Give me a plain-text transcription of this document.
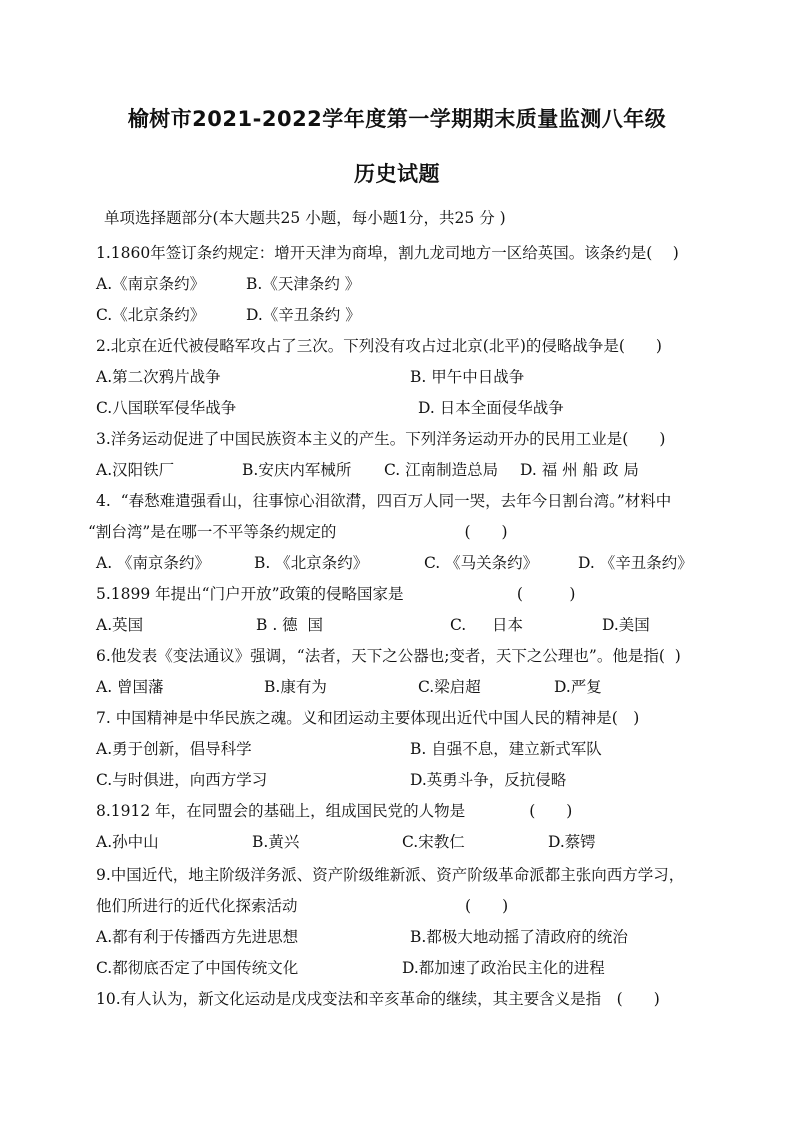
榆树市2021-2022学年度第一学期期末质量监测八年级
历史试题
单项选择题部分(本大题共25 小题，每小题1分，共25 分 )
1.1860年签订条约规定：增开天津为商埠，割九龙司地方一区给英国。该条约是(　 )
A.《南京条约》	B.《天津条约 》
C.《北京条约》	D.《辛丑条约 》
2.北京在近代被侵略军攻占了三次。下列没有攻占过北京(北平)的侵略战争是(　　)
A.第二次鸦片战争	B. 甲午中日战争
C.八国联军侵华战争	D. 日本全面侵华战争
3.洋务运动促进了中国民族资本主义的产生。下列洋务运动开办的民用工业是(　　)
A.汉阳铁厂	B.安庆内军械所 C. 江南制造总局 D. 福 州 船 政 局
4.  “春愁难遣强看山，往事惊心泪欲潸，四百万人同一哭，去年今日割台湾。”材料中
“割台湾”是在哪一不平等条约规定的                          (　　)
A. 《南京条约》	B. 《北京条约》	C. 《马关条约》	D. 《辛丑条约》
5.1899 年提出“门户开放”政策的侵略国家是                       (　　　)
A.英国	B . 德  国	C. 日本	D.美国
6.他发表《变法通议》强调，“法者，天下之公器也;变者，天下之公理也”。他是指(  )
A. 曾国藩	B.康有为	C.梁启超	D.严复
7. 中国精神是中华民族之魂。义和团运动主要体现出近代中国人民的精神是(　)
A.勇于创新，倡导科学	B. 自强不息，建立新式军队
C.与时俱进，向西方学习	D.英勇斗争，反抗侵略
8.1912 年，在同盟会的基础上，组成国民党的人物是             (　　)
A.孙中山	B.黄兴	C.宋教仁	D.蔡锷
9.中国近代，地主阶级洋务派、资产阶级维新派、资产阶级革命派都主张向西方学习，
他们所进行的近代化探索活动                                  (　　)
A.都有利于传播西方先进思想	B.都极大地动摇了清政府的统治
C.都彻底否定了中国传统文化	D.都加速了政治民主化的进程
10.有人认为，新文化运动是戊戌变法和辛亥革命的继续，其主要含义是指　(　　)
